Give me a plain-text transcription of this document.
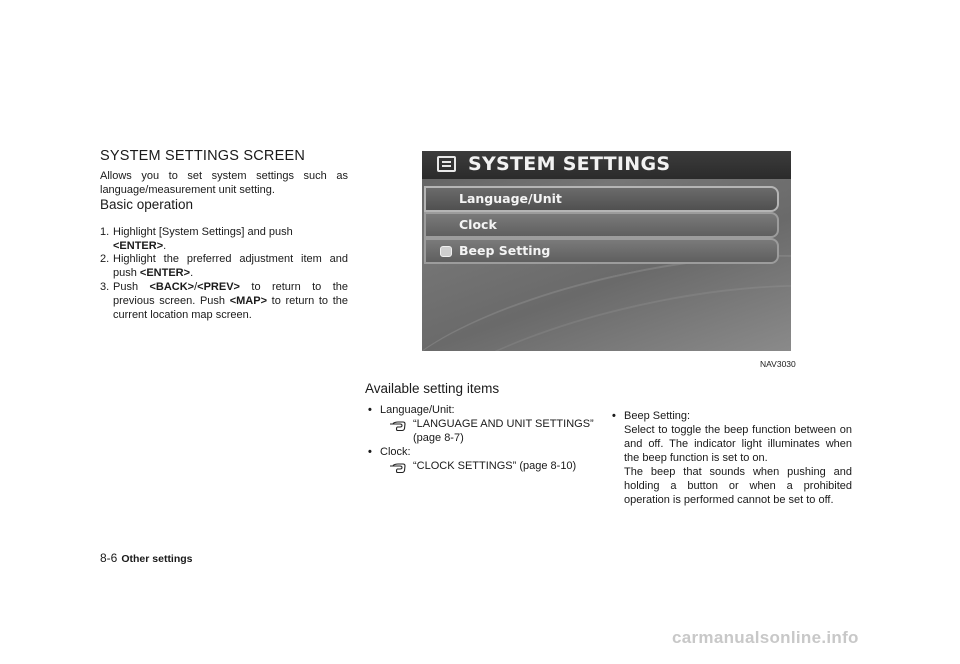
SYSTEM SETTINGS SCREEN
Allows you to set system settings such as language/measurement unit setting.
Basic operation
1. Highlight [System Settings] and push
<ENTER>.
2. Highlight the preferred adjustment item and push <ENTER>.
3. Push <BACK>/<PREV> to return to the previous screen. Push <MAP> to return to the current location map screen.
SYSTEM SETTINGS
Language/Unit
Clock
Beep Setting
NAV3030
Available setting items
• Language/Unit:
“LANGUAGE AND UNIT SETTINGS” (page 8-7)
• Clock:
“CLOCK SETTINGS” (page 8-10)
• Beep Setting:
Select to toggle the beep function between on and off. The indicator light illuminates when the beep function is set to on.
The beep that sounds when pushing and holding a button or when a prohibited operation is performed cannot be set to off.
8-6 Other settings
carmanualsonline.info
